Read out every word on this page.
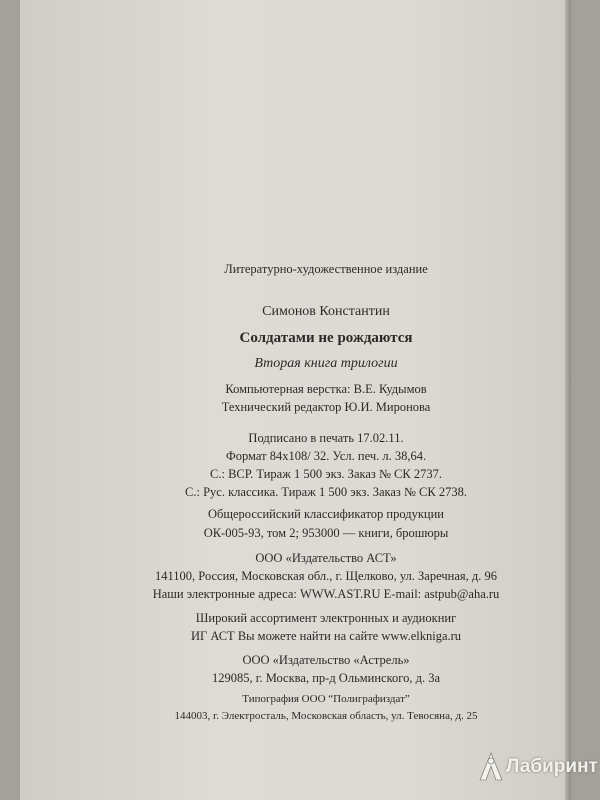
Литературно-художественное издание
Симонов Константин
Солдатами не рождаются
Вторая книга трилогии
Компьютерная верстка: В.Е. Кудымов
Технический редактор Ю.И. Миронова
Подписано в печать 17.02.11.
Формат 84х108/ 32. Усл. печ. л. 38,64.
С.: ВСР. Тираж 1 500 экз. Заказ № СК 2737.
С.: Рус. классика. Тираж 1 500 экз. Заказ № СК 2738.
Общероссийский классификатор продукции
ОК-005-93, том 2; 953000 — книги, брошюры
ООО «Издательство АСТ»
141100, Россия, Московская обл., г. Щелково, ул. Заречная, д. 96
Наши электронные адреса: WWW.AST.RU E-mail: astpub@aha.ru
Широкий ассортимент электронных и аудиокниг
ИГ АСТ Вы можете найти на сайте www.elkniga.ru
ООО «Издательство «Астрель»
129085, г. Москва, пр-д Ольминского, д. 3а
Типография ООО “Полиграфиздат”
144003, г. Электросталь, Московская область, ул. Тевосяна, д. 25
Лабиринт
